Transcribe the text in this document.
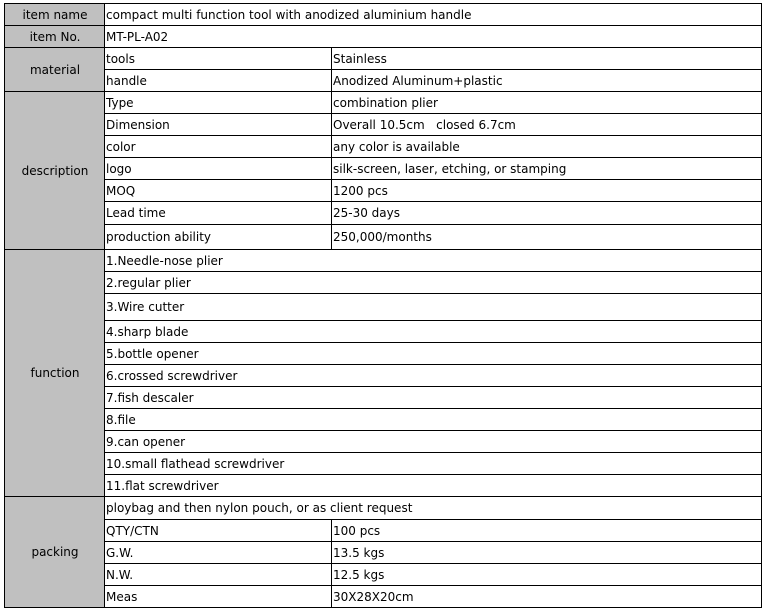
item name	compact multi function tool with anodized aluminium handle	
item No.	MT-PL-A02	
material	tools	Stainless
	handle	Anodized Aluminum+plastic
description	Type	combination plier
	Dimension	Overall 10.5cm   closed 6.7cm
	color	any color is available
	logo	silk-screen, laser, etching, or stamping
	MOQ	1200 pcs
	Lead time	25-30 days
	production ability	250,000/months
function	1.Needle-nose plier	
	2.regular plier	
	3.Wire cutter	
	4.sharp blade	
	5.bottle opener	
	6.crossed screwdriver	
	7.fish descaler	
	8.file	
	9.can opener	
	10.small flathead screwdriver	
	11.flat screwdriver	
packing	ploybag and then nylon pouch, or as client request	
	QTY/CTN	100 pcs
	G.W.	13.5 kgs
	N.W.	12.5 kgs
	Meas	30X28X20cm
